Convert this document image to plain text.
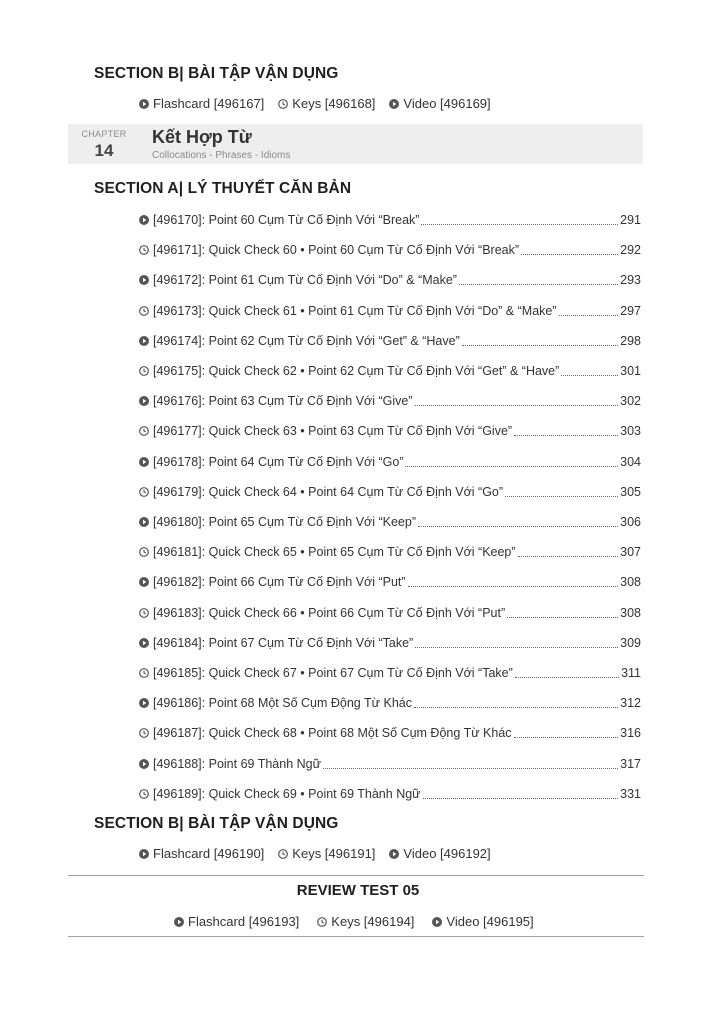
SECTION B| BÀI TẬP VẬN DỤNG
Flashcard [496167] Keys [496168] Video [496169]
CHAPTER
14
Kết Hợp Từ
Collocations - Phrases - Idioms
SECTION A| LÝ THUYẾT CĂN BẢN
[496170]: Point 60 Cụm Từ Cố Định Với “Break”	291
[496171]: Quick Check 60 • Point 60 Cụm Từ Cố Định Với “Break”	292
[496172]: Point 61 Cụm Từ Cố Định Với “Do” & “Make”	293
[496173]: Quick Check 61 • Point 61 Cụm Từ Cố Định Với “Do” & “Make”	297
[496174]: Point 62 Cụm Từ Cố Định Với “Get” & “Have”	298
[496175]: Quick Check 62 • Point 62 Cụm Từ Cố Định Với “Get” & “Have”	301
[496176]: Point 63 Cụm Từ Cố Định Với “Give”	302
[496177]: Quick Check 63 • Point 63 Cụm Từ Cố Định Với “Give”	303
[496178]: Point 64 Cụm Từ Cố Định Với “Go”	304
[496179]: Quick Check 64 • Point 64 Cụm Từ Cố Định Với “Go”	305
[496180]: Point 65 Cụm Từ Cố Định Với “Keep”	306
[496181]: Quick Check 65 • Point 65 Cụm Từ Cố Định Với “Keep”	307
[496182]: Point 66 Cụm Từ Cố Định Với “Put”	308
[496183]: Quick Check 66 • Point 66 Cụm Từ Cố Định Với “Put”	308
[496184]: Point 67 Cụm Từ Cố Định Với “Take”	309
[496185]: Quick Check 67 • Point 67 Cụm Từ Cố Định Với “Take”	311
[496186]: Point 68 Một Số Cụm Động Từ Khác	312
[496187]: Quick Check 68 • Point 68 Một Số Cụm Động Từ Khác	316
[496188]: Point 69 Thành Ngữ	317
[496189]: Quick Check 69 • Point 69 Thành Ngữ	331
SECTION B| BÀI TẬP VẬN DỤNG
Flashcard [496190] Keys [496191] Video [496192]
REVIEW TEST 05
Flashcard [496193] Keys [496194] Video [496195]
